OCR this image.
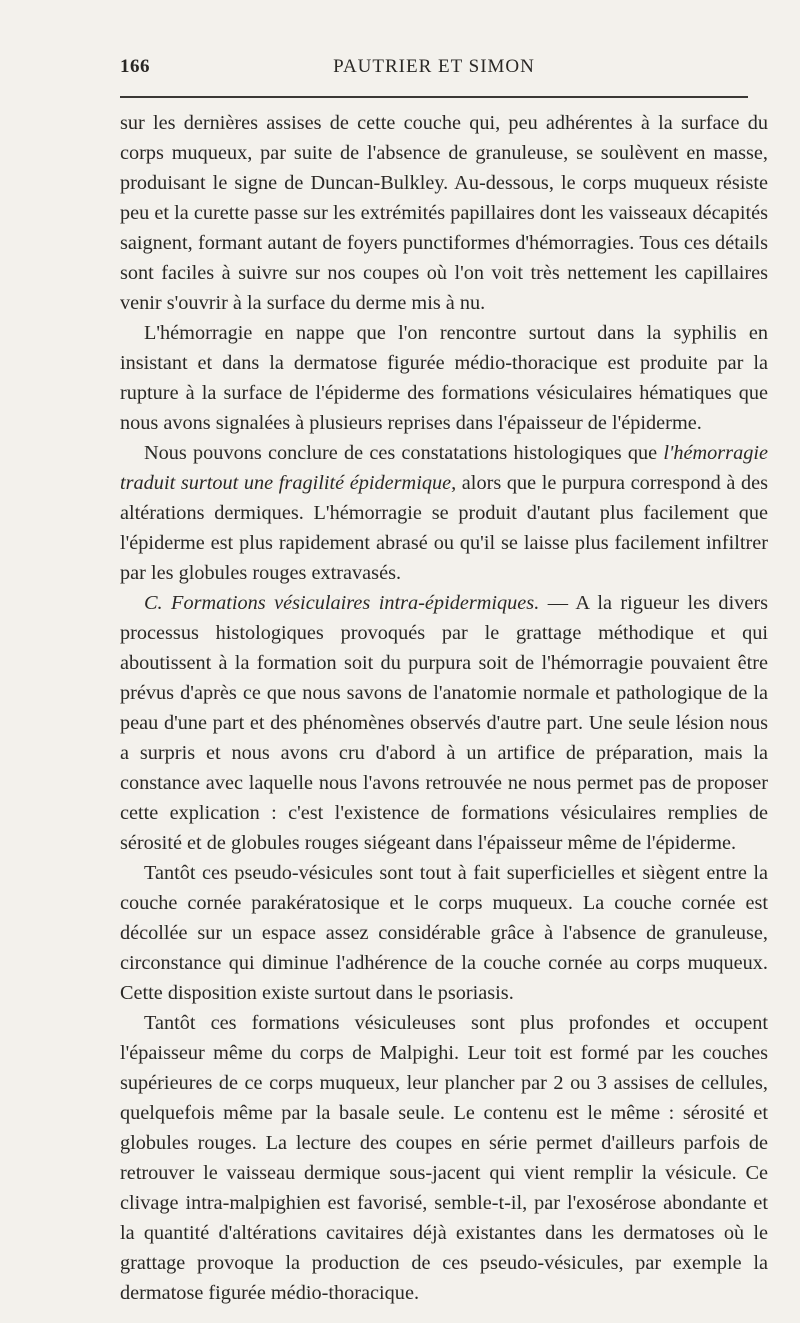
166	PAUTRIER ET SIMON

sur les dernières assises de cette couche qui, peu adhérentes à la surface du corps muqueux, par suite de l'absence de granuleuse, se soulèvent en masse, produisant le signe de Duncan-Bulkley. Au-dessous, le corps muqueux résiste peu et la curette passe sur les extrémités papillaires dont les vaisseaux décapités saignent, formant autant de foyers punctiformes d'hémorragies. Tous ces détails sont faciles à suivre sur nos coupes où l'on voit très nettement les capillaires venir s'ouvrir à la surface du derme mis à nu.

L'hémorragie en nappe que l'on rencontre surtout dans la syphilis en insistant et dans la dermatose figurée médio-thoracique est produite par la rupture à la surface de l'épiderme des formations vésiculaires hématiques que nous avons signalées à plusieurs reprises dans l'épaisseur de l'épiderme.

Nous pouvons conclure de ces constatations histologiques que l'hémorragie traduit surtout une fragilité épidermique, alors que le purpura correspond à des altérations dermiques. L'hémorragie se produit d'autant plus facilement que l'épiderme est plus rapidement abrasé ou qu'il se laisse plus facilement infiltrer par les globules rouges extravasés.

C. Formations vésiculaires intra-épidermiques. — A la rigueur les divers processus histologiques provoqués par le grattage méthodique et qui aboutissent à la formation soit du purpura soit de l'hémorragie pouvaient être prévus d'après ce que nous savons de l'anatomie normale et pathologique de la peau d'une part et des phénomènes observés d'autre part. Une seule lésion nous a surpris et nous avons cru d'abord à un artifice de préparation, mais la constance avec laquelle nous l'avons retrouvée ne nous permet pas de proposer cette explication : c'est l'existence de formations vésiculaires remplies de sérosité et de globules rouges siégeant dans l'épaisseur même de l'épiderme.

Tantôt ces pseudo-vésicules sont tout à fait superficielles et siègent entre la couche cornée parakératosique et le corps muqueux. La couche cornée est décollée sur un espace assez considérable grâce à l'absence de granuleuse, circonstance qui diminue l'adhérence de la couche cornée au corps muqueux. Cette disposition existe surtout dans le psoriasis.

Tantôt ces formations vésiculeuses sont plus profondes et occupent l'épaisseur même du corps de Malpighi. Leur toit est formé par les couches supérieures de ce corps muqueux, leur plancher par 2 ou 3 assises de cellules, quelquefois même par la basale seule. Le contenu est le même : sérosité et globules rouges. La lecture des coupes en série permet d'ailleurs parfois de retrouver le vaisseau dermique sous-jacent qui vient remplir la vésicule. Ce clivage intra-malpighien est favorisé, semble-t-il, par l'exosérose abondante et la quantité d'altérations cavitaires déjà existantes dans les dermatoses où le grattage provoque la production de ces pseudo-vésicules, par exemple la dermatose figurée médio-thoracique.
